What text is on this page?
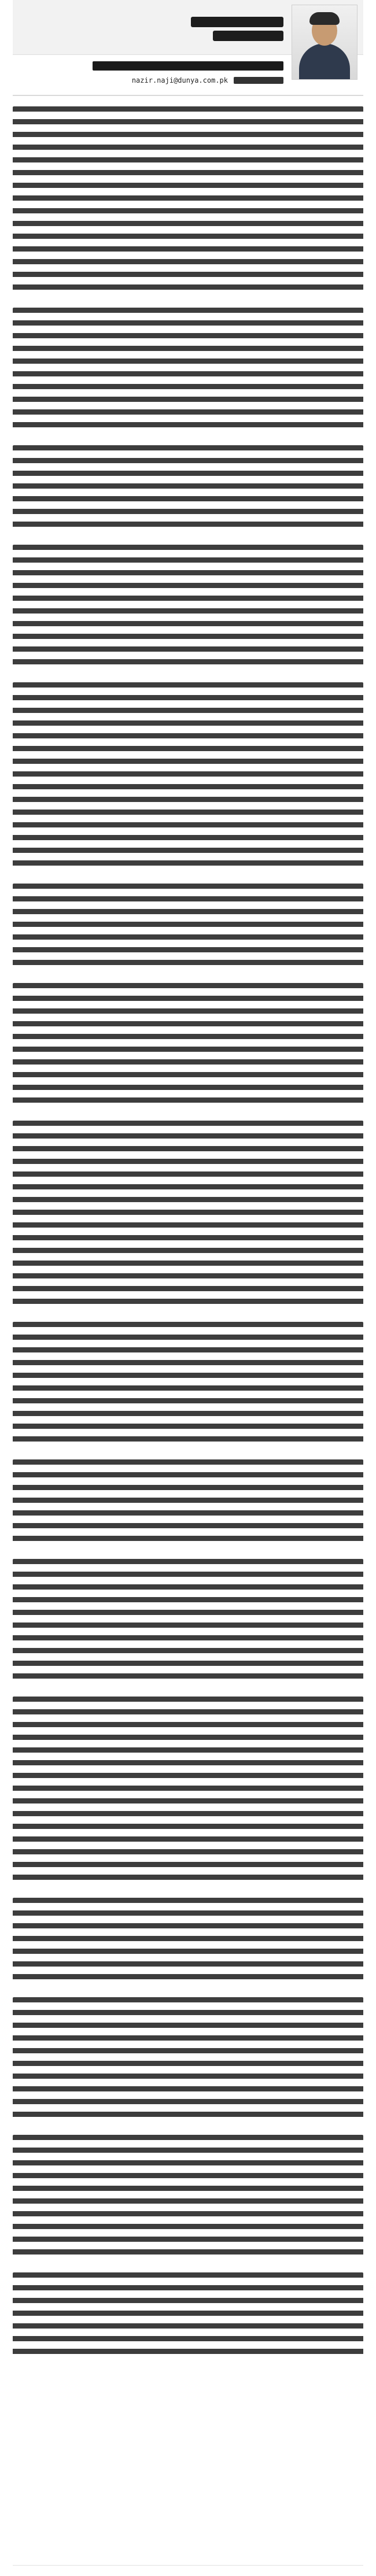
nazir.naji@dunya.com.pk
